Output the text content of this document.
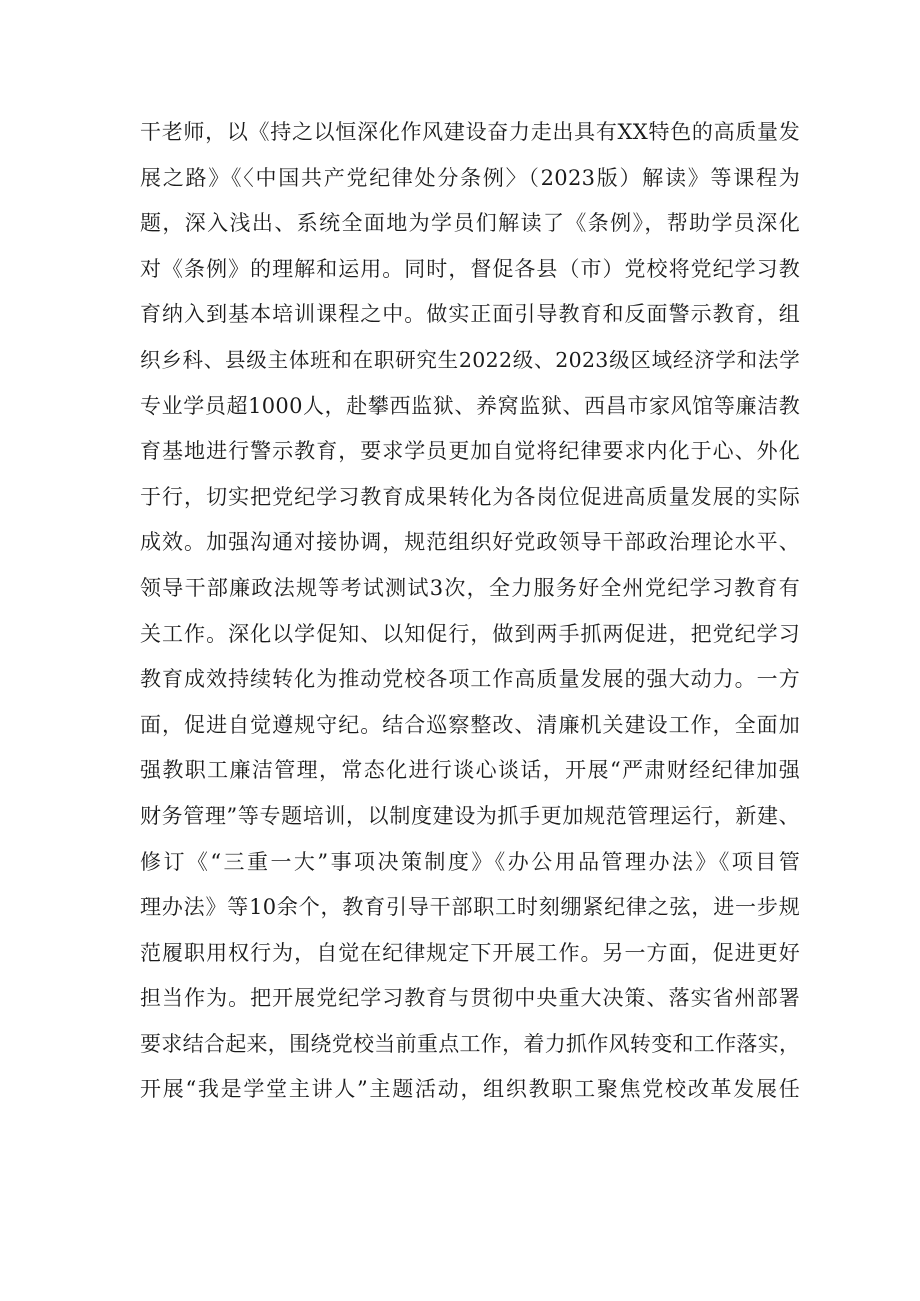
干老师，以《持之以恒深化作风建设奋力走出具有XX特色的高质量发
展之路》《〈中国共产党纪律处分条例〉（2023版）解读》等课程为
题，深入浅出、系统全面地为学员们解读了《条例》，帮助学员深化
对《条例》的理解和运用。同时，督促各县（市）党校将党纪学习教
育纳入到基本培训课程之中。做实正面引导教育和反面警示教育，组
织乡科、县级主体班和在职研究生2022级、2023级区域经济学和法学
专业学员超1000人，赴攀西监狱、养窝监狱、西昌市家风馆等廉洁教
育基地进行警示教育，要求学员更加自觉将纪律要求内化于心、外化
于行，切实把党纪学习教育成果转化为各岗位促进高质量发展的实际
成效。加强沟通对接协调，规范组织好党政领导干部政治理论水平、
领导干部廉政法规等考试测试3次，全力服务好全州党纪学习教育有
关工作。深化以学促知、以知促行，做到两手抓两促进，把党纪学习
教育成效持续转化为推动党校各项工作高质量发展的强大动力。一方
面，促进自觉遵规守纪。结合巡察整改、清廉机关建设工作，全面加
强教职工廉洁管理，常态化进行谈心谈话，开展“严肃财经纪律加强
财务管理”等专题培训，以制度建设为抓手更加规范管理运行，新建、
修订《“三重一大”事项决策制度》《办公用品管理办法》《项目管
理办法》等10余个，教育引导干部职工时刻绷紧纪律之弦，进一步规
范履职用权行为，自觉在纪律规定下开展工作。另一方面，促进更好
担当作为。把开展党纪学习教育与贯彻中央重大决策、落实省州部署
要求结合起来，围绕党校当前重点工作，着力抓作风转变和工作落实，
开展“我是学堂主讲人”主题活动，组织教职工聚焦党校改革发展任
